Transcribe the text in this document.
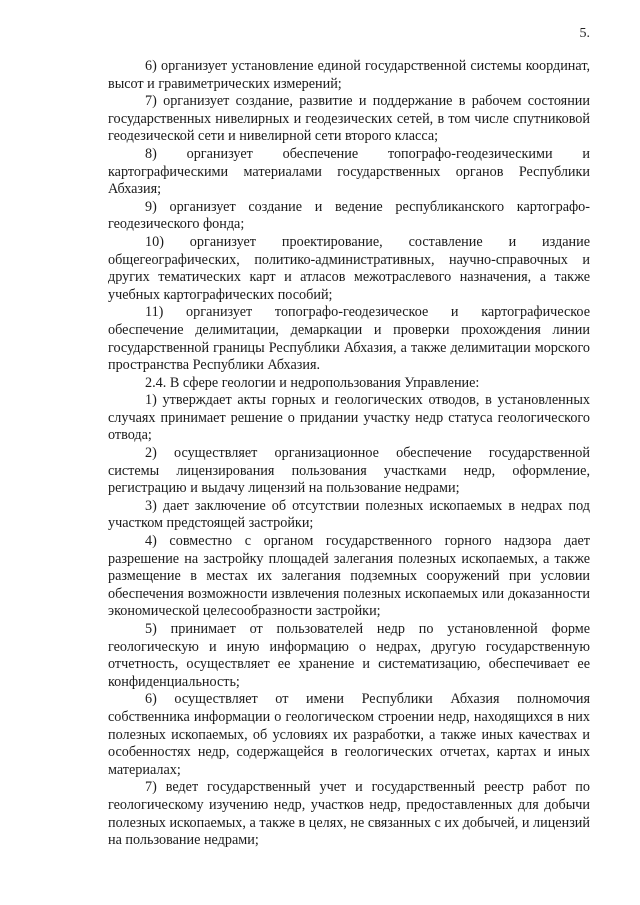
5.

6) организует установление единой государственной системы координат, высот и гравиметрических измерений;

7) организует создание, развитие и поддержание в рабочем состоянии государственных нивелирных и геодезических сетей, в том числе спутниковой геодезической сети и нивелирной сети второго класса;

8) организует обеспечение топографо-геодезическими и картографическими материалами государственных органов Республики Абхазия;

9) организует создание и ведение республиканского картографо-геодезического фонда;

10) организует проектирование, составление и издание общегеографических, политико-административных, научно-справочных и других тематических карт и атласов межотраслевого назначения, а также учебных картографических пособий;

11) организует топографо-геодезическое и картографическое обеспечение делимитации, демаркации и проверки прохождения линии государственной границы Республики Абхазия, а также делимитации морского пространства Республики Абхазия.

2.4. В сфере геологии и недропользования Управление:

1) утверждает акты горных и геологических отводов, в установленных случаях принимает решение о придании участку недр статуса геологического отвода;

2) осуществляет организационное обеспечение государственной системы лицензирования пользования участками недр, оформление, регистрацию и выдачу лицензий на пользование недрами;

3) дает заключение об отсутствии полезных ископаемых в недрах под участком предстоящей застройки;

4) совместно с органом государственного горного надзора дает разрешение на застройку площадей залегания полезных ископаемых, а также размещение в местах их залегания подземных сооружений при условии обеспечения возможности извлечения полезных ископаемых или доказанности экономической целесообразности застройки;

5) принимает от пользователей недр по установленной форме геологическую и иную информацию о недрах, другую государственную отчетность, осуществляет ее хранение и систематизацию, обеспечивает ее конфиденциальность;

6) осуществляет от имени Республики Абхазия полномочия собственника информации о геологическом строении недр, находящихся в них полезных ископаемых, об условиях их разработки, а также иных качествах и особенностях недр, содержащейся в геологических отчетах, картах и иных материалах;

7) ведет государственный учет и государственный реестр работ по геологическому изучению недр, участков недр, предоставленных для добычи полезных ископаемых, а также в целях, не связанных с их добычей, и лицензий на пользование недрами;
